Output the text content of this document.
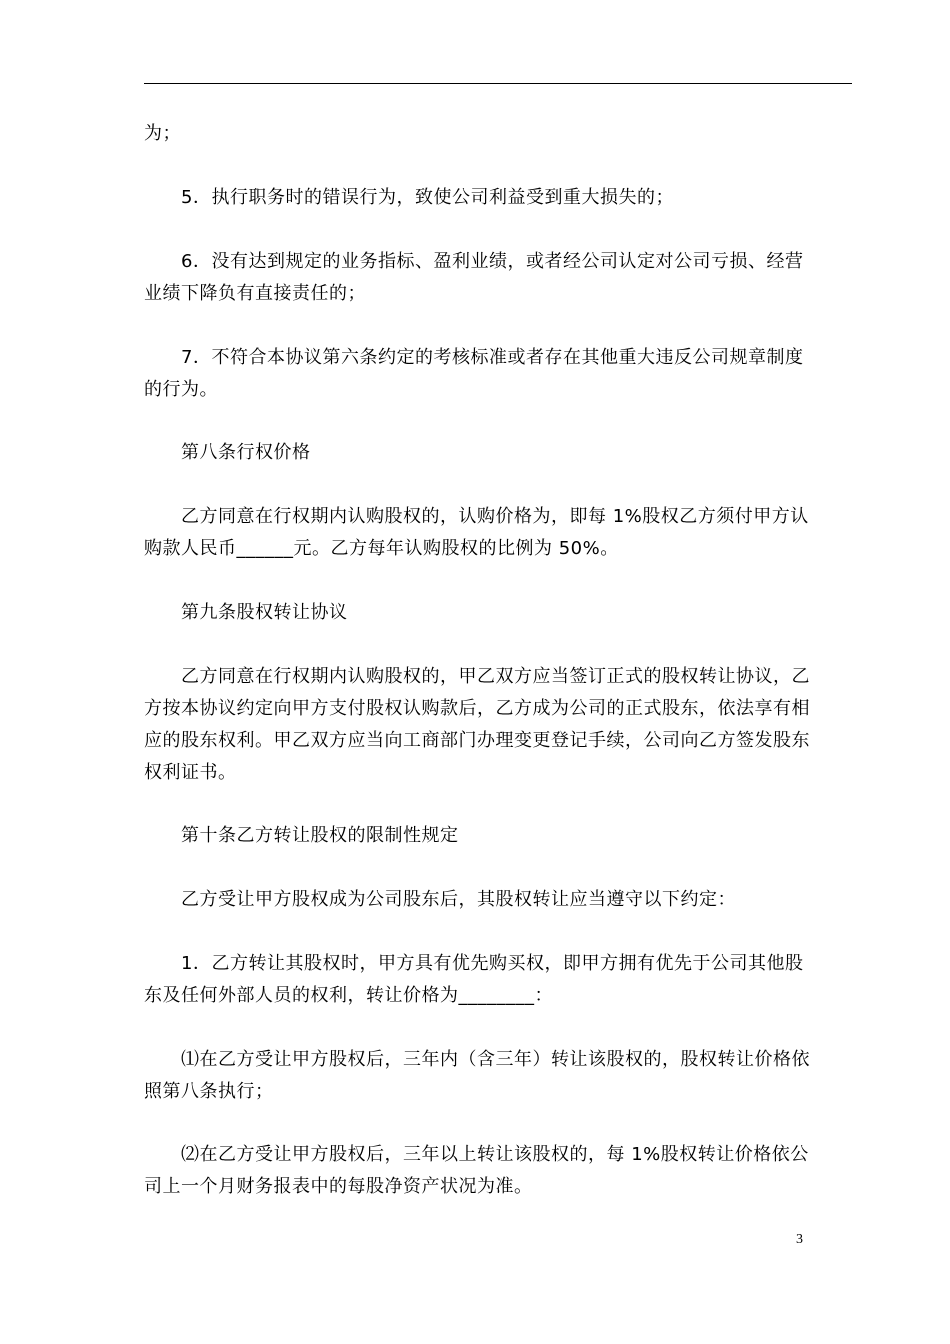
为；

5．执行职务时的错误行为，致使公司利益受到重大损失的；

6．没有达到规定的业务指标、盈利业绩，或者经公司认定对公司亏损、经营业绩下降负有直接责任的；

7．不符合本协议第六条约定的考核标准或者存在其他重大违反公司规章制度的行为。

第八条行权价格

乙方同意在行权期内认购股权的，认购价格为，即每 1%股权乙方须付甲方认购款人民币______元。乙方每年认购股权的比例为 50%。

第九条股权转让协议

乙方同意在行权期内认购股权的，甲乙双方应当签订正式的股权转让协议，乙方按本协议约定向甲方支付股权认购款后，乙方成为公司的正式股东，依法享有相应的股东权利。甲乙双方应当向工商部门办理变更登记手续，公司向乙方签发股东权利证书。

第十条乙方转让股权的限制性规定

乙方受让甲方股权成为公司股东后，其股权转让应当遵守以下约定：

1．乙方转让其股权时，甲方具有优先购买权，即甲方拥有优先于公司其他股东及任何外部人员的权利，转让价格为________：

⑴在乙方受让甲方股权后，三年内（含三年）转让该股权的，股权转让价格依照第八条执行；

⑵在乙方受让甲方股权后，三年以上转让该股权的，每 1%股权转让价格依公司上一个月财务报表中的每股净资产状况为准。

3
